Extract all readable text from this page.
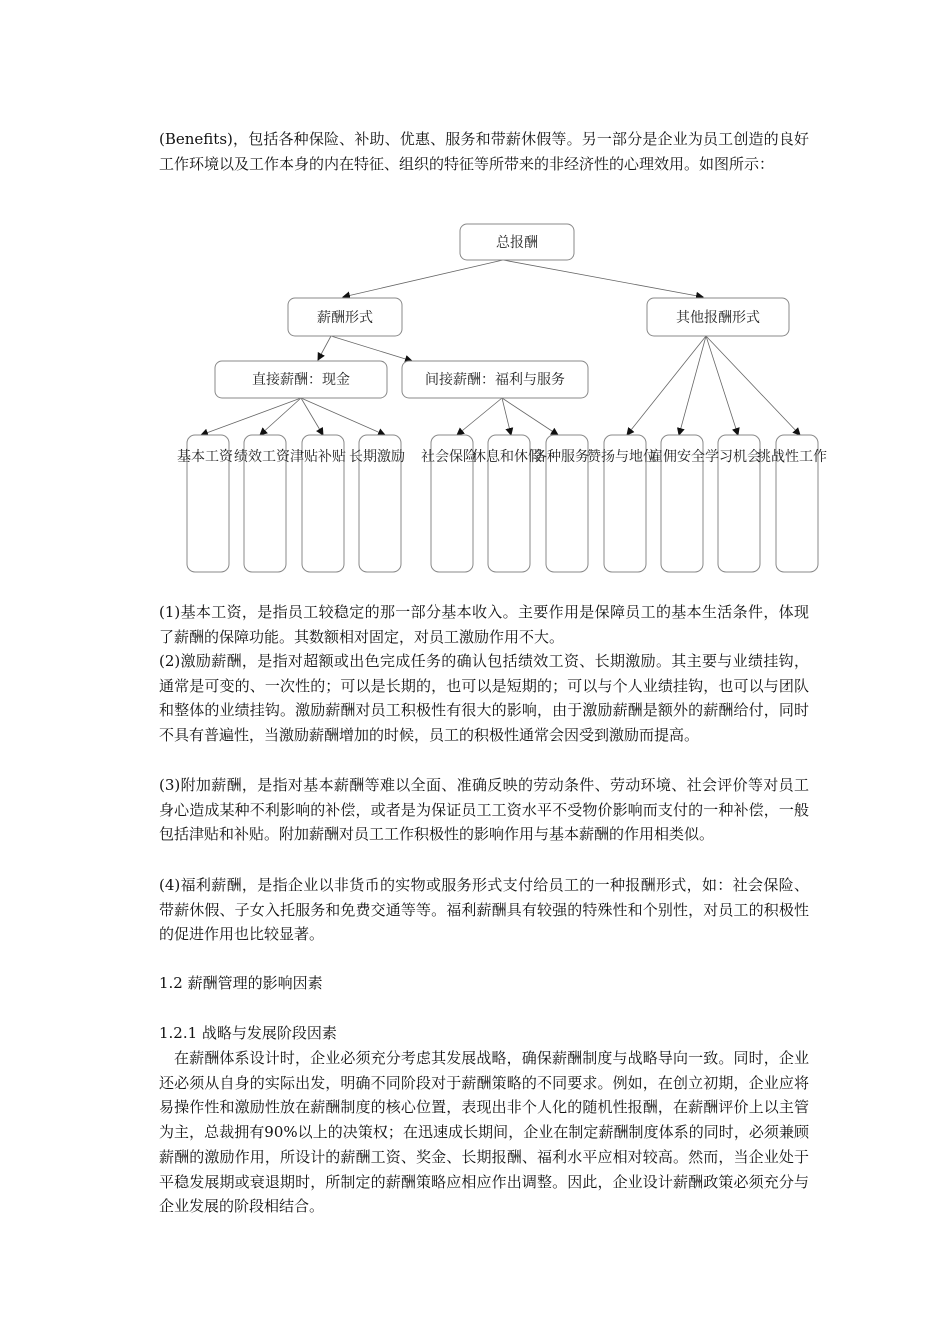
(Benefits)，包括各种保险、补助、优惠、服务和带薪休假等。另一部分是企业为员工创造的良好工作环境以及工作本身的内在特征、组织的特征等所带来的非经济性的心理效用。如图所示：

总报酬
薪酬形式	其他报酬形式
直接薪酬：现金	间接薪酬：福利与服务
基本工资 绩效工资 津贴补贴 长期激励 社会保险
休息和休假
各种服务
赞扬与地位
雇佣安全 学习机会
挑战性工作

(1)基本工资，是指员工较稳定的那一部分基本收入。主要作用是保障员工的基本生活条件，体现了薪酬的保障功能。其数额相对固定，对员工激励作用不大。

(2)激励薪酬，是指对超额或出色完成任务的确认包括绩效工资、长期激励。其主要与业绩挂钩，通常是可变的、一次性的；可以是长期的，也可以是短期的；可以与个人业绩挂钩，也可以与团队和整体的业绩挂钩。激励薪酬对员工积极性有很大的影响，由于激励薪酬是额外的薪酬给付，同时不具有普遍性，当激励薪酬增加的时候，员工的积极性通常会因受到激励而提高。

(3)附加薪酬，是指对基本薪酬等难以全面、准确反映的劳动条件、劳动环境、社会评价等对员工身心造成某种不利影响的补偿，或者是为保证员工工资水平不受物价影响而支付的一种补偿，一般包括津贴和补贴。附加薪酬对员工工作积极性的影响作用与基本薪酬的作用相类似。

(4)福利薪酬，是指企业以非货币的实物或服务形式支付给员工的一种报酬形式，如：社会保险、带薪休假、子女入托服务和免费交通等等。福利薪酬具有较强的特殊性和个别性，对员工的积极性的促进作用也比较显著。

1.2 薪酬管理的影响因素

1.2.1 战略与发展阶段因素

在薪酬体系设计时，企业必须充分考虑其发展战略，确保薪酬制度与战略导向一致。同时，企业还必须从自身的实际出发，明确不同阶段对于薪酬策略的不同要求。例如，在创立初期，企业应将易操作性和激励性放在薪酬制度的核心位置，表现出非个人化的随机性报酬，在薪酬评价上以主管为主，总裁拥有90%以上的决策权；在迅速成长期间，企业在制定薪酬制度体系的同时，必须兼顾薪酬的激励作用，所设计的薪酬工资、奖金、长期报酬、福利水平应相对较高。然而，当企业处于平稳发展期或衰退期时，所制定的薪酬策略应相应作出调整。因此，企业设计薪酬政策必须充分与企业发展的阶段相结合。
